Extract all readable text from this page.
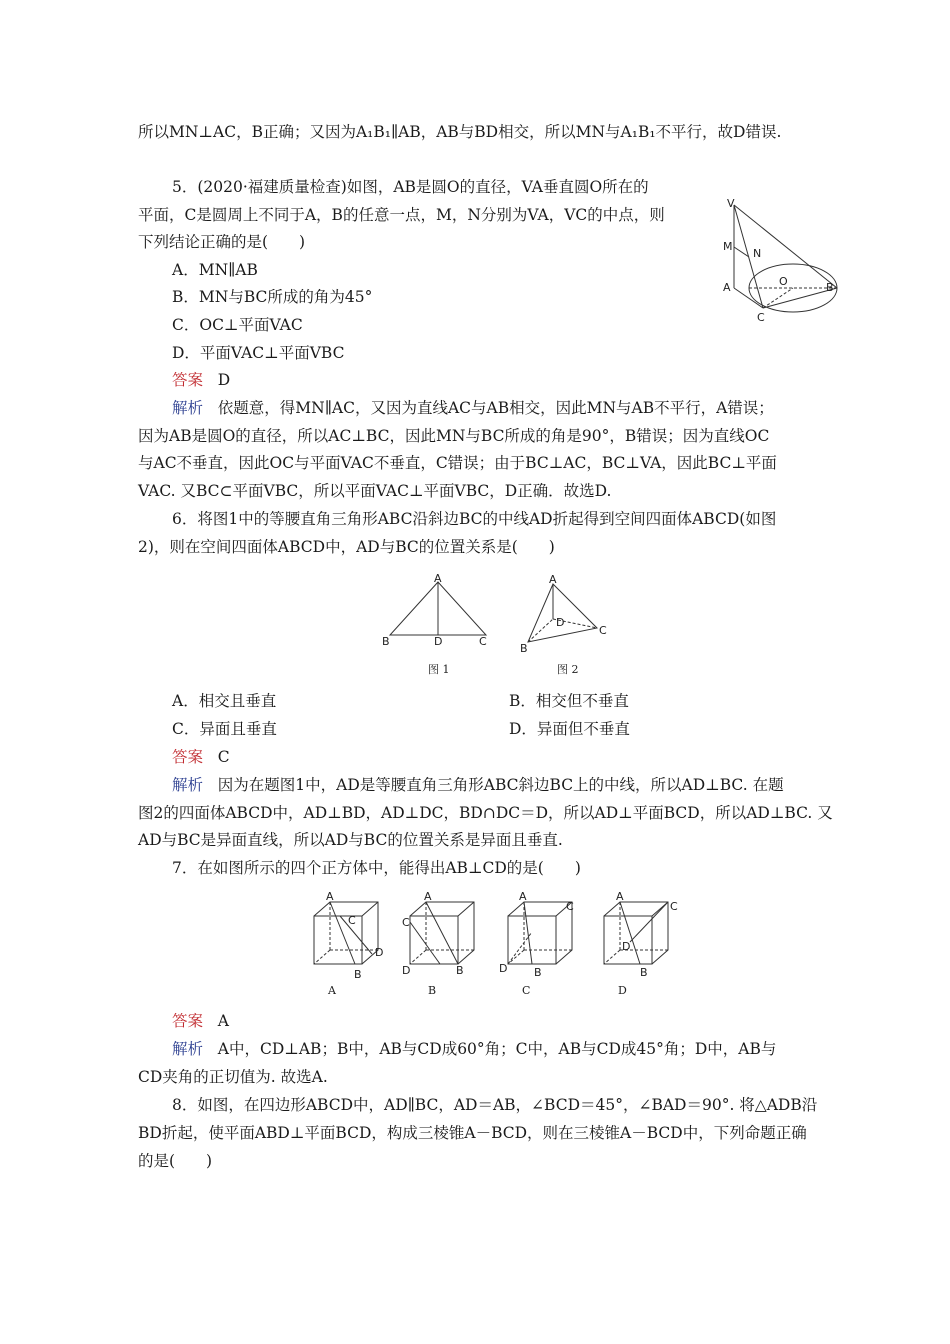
所以MN⊥AC，B正确；又因为A₁B₁∥AB，AB与BD相交，所以MN与A₁B₁不平行，故D错误.
5．(2020·福建质量检查)如图，AB是圆O的直径，VA垂直圆O所在的
平面，C是圆周上不同于A，B的任意一点，M，N分别为VA，VC的中点，则
下列结论正确的是(　　)
A．MN∥AB
B．MN与BC所成的角为45°
C．OC⊥平面VAC
D．平面VAC⊥平面VBC
答案 D
解析 依题意，得MN∥AC，又因为直线AC与AB相交，因此MN与AB不平行，A错误；
因为AB是圆O的直径，所以AC⊥BC，因此MN与BC所成的角是90°，B错误；因为直线OC
与AC不垂直，因此OC与平面VAC不垂直，C错误；由于BC⊥AC，BC⊥VA，因此BC⊥平面
VAC. 又BC⊂平面VBC，所以平面VAC⊥平面VBC，D正确．故选D.
V
M
N
A	O	B
C
6．将图1中的等腰直角三角形ABC沿斜边BC的中线AD折起得到空间四面体ABCD(如图
2)，则在空间四面体ABCD中，AD与BC的位置关系是(　　)
A
B	D	C
图 1
A
D
C
B
图 2
A．相交且垂直	B．相交但不垂直
C．异面且垂直	D．异面但不垂直
答案 C
解析 因为在题图1中，AD是等腰直角三角形ABC斜边BC上的中线，所以AD⊥BC. 在题
图2的四面体ABCD中，AD⊥BD，AD⊥DC，BD∩DC＝D，所以AD⊥平面BCD，所以AD⊥BC. 又
AD与BC是异面直线，所以AD与BC的位置关系是异面且垂直.
7．在如图所示的四个正方体中，能得出AB⊥CD的是(　　)
A
C
D
B
A
A
C
D	B
B
A
C
D B
C
A
C
D
B
D
答案 A
解析 A中，CD⊥AB；B中，AB与CD成60°角；C中，AB与CD成45°角；D中，AB与
CD夹角的正切值为. 故选A.
8．如图，在四边形ABCD中，AD∥BC，AD＝AB，∠BCD＝45°，∠BAD＝90°. 将△ADB沿
BD折起，使平面ABD⊥平面BCD，构成三棱锥A－BCD，则在三棱锥A－BCD中，下列命题正确
的是(　　)
